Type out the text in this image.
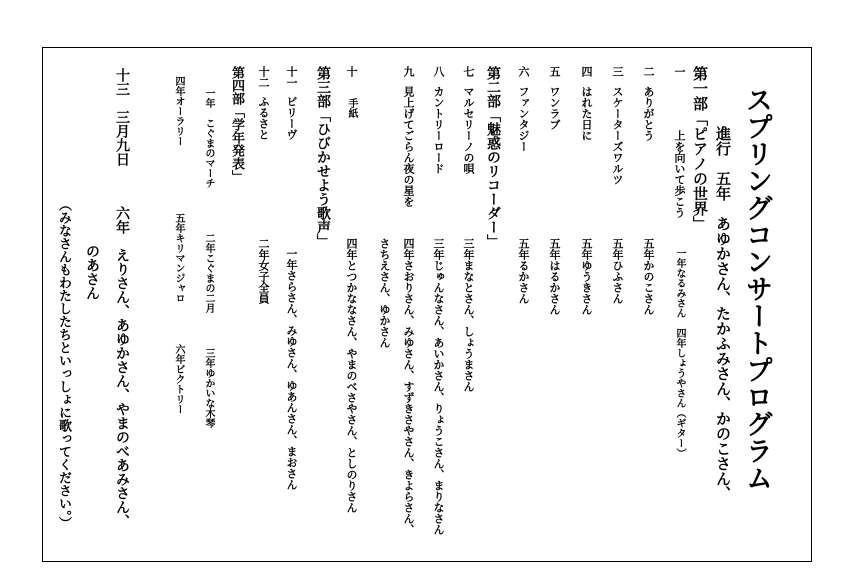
スプリングコンサートプログラム
進行　五年　あゆかさん、たかふみさん、かのこさん、
第一部「ピアノの世界」
一
上を向いて歩こう
一年なるみさん　四年しょうやさん（ギター）
二
ありがとう
五年かのこさん
三
スケーターズワルツ
五年ひふさん
四
はれた日に
五年ゆうきさん
五
ワンラブ
五年はるかさん
六
ファンタジー
五年るかさん
第二部「魅惑のリコーダー」
七
マルセリーノの唄
三年まなとさん、しょうまさん
八
カントリーロード
三年じゅんなさん、あいかさん、りょうこさん、まりなさん
九
見上げてごらん夜の星を
四年さおりさん、みゆさん、すずきさやさん、きよらさん、
さちえさん、ゆかさん
十
手紙
四年とつかななさん、やまのべさやさん、としのりさん
第三部「ひびかせよう歌声」
十一
ビリーヴ
一年さらさん、みゆさん、ゆあんさん、まおさん
十二
ふるさと
二年女子全員
第四部「学年発表」
一年　こぐまのマーチ
二年こぐまの二月
三年ゆかいな木琴
四年オーラリー
五年キリマンジャロ
六年ビクトリー
十三　三月九日
六年　えりさん、あゆかさん、やまのべあみさん、
のあさん
（みなさんもわたしたちといっしょに歌ってください。）
